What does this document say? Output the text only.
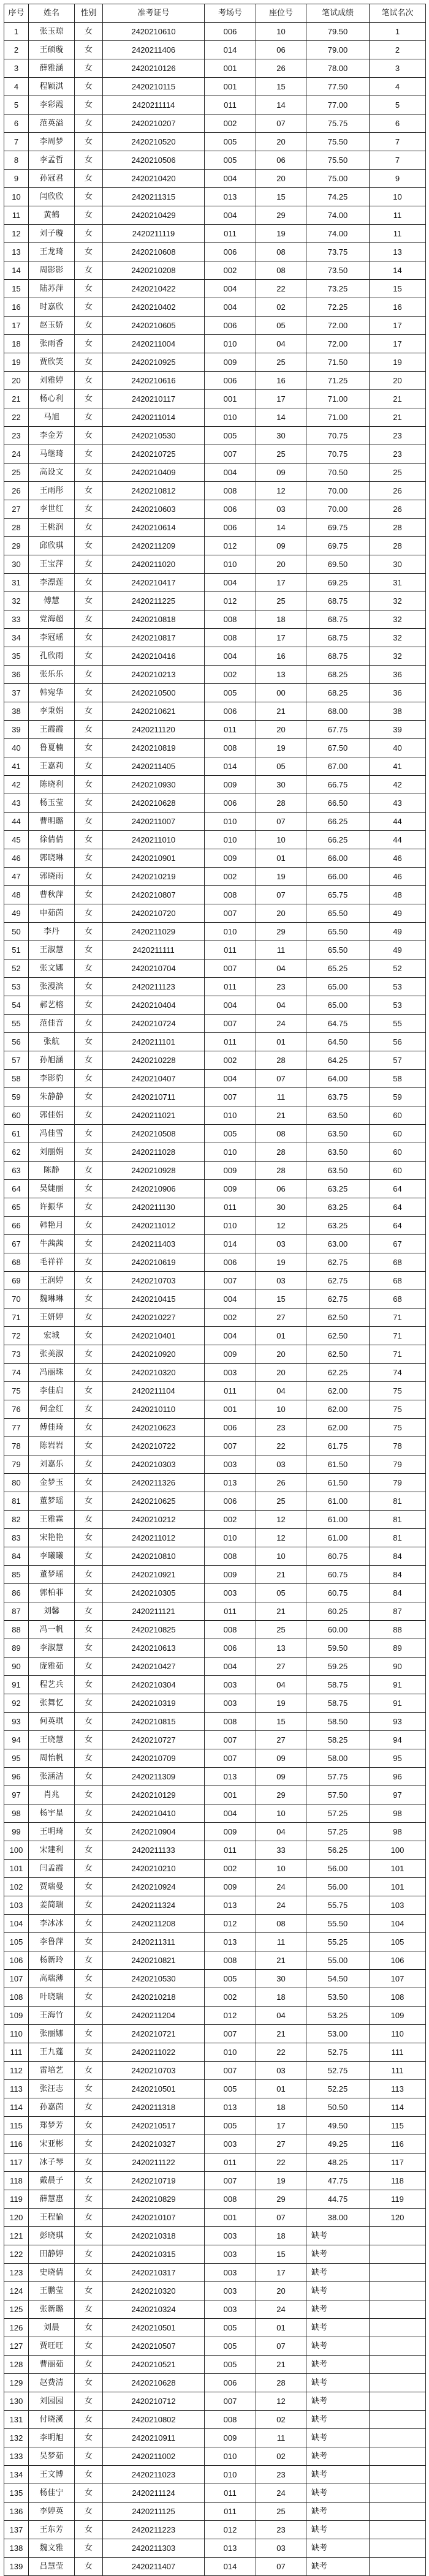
序号	姓名	性别	准考证号	考场号	座位号	笔试成绩	笔试名次
1	张玉琼	女	2420210610	006	10	79.50	1
2	王硕璇	女	2420211406	014	06	79.00	2
3	薛雅涵	女	2420210126	001	26	78.00	3
4	程颖淇	女	2420210115	001	15	77.50	4
5	李彩霞	女	2420211114	011	14	77.00	5
6	范英溢	女	2420210207	002	07	75.75	6
7	李周梦	女	2420210520	005	20	75.50	7
8	李孟哲	女	2420210506	005	06	75.50	7
9	孙冠君	女	2420210420	004	20	75.00	9
10	闫欣欣	女	2420211315	013	15	74.25	10
11	黄鹤	女	2420210429	004	29	74.00	11
12	刘子璇	女	2420211119	011	19	74.00	11
13	王龙琦	女	2420210608	006	08	73.75	13
14	周影影	女	2420210208	002	08	73.50	14
15	陆苏萍	女	2420210422	004	22	73.25	15
16	时嘉欣	女	2420210402	004	02	72.25	16
17	赵玉娇	女	2420210605	006	05	72.00	17
18	张雨香	女	2420211004	010	04	72.00	17
19	贾欣笑	女	2420210925	009	25	71.50	19
20	刘雅婷	女	2420210616	006	16	71.25	20
21	杨心利	女	2420210117	001	17	71.00	21
22	马旭	女	2420211014	010	14	71.00	21
23	李金芳	女	2420210530	005	30	70.75	23
24	马继琦	女	2420210725	007	25	70.75	23
25	高设文	女	2420210409	004	09	70.50	25
26	王雨彤	女	2420210812	008	12	70.00	26
27	李世红	女	2420210603	006	03	70.00	26
28	王桃润	女	2420210614	006	14	69.75	28
29	邱欣琪	女	2420211209	012	09	69.75	28
30	王宝萍	女	2420211020	010	20	69.50	30
31	李漂莲	女	2420210417	004	17	69.25	31
32	傅慧	女	2420211225	012	25	68.75	32
33	党海超	女	2420210818	008	18	68.75	32
34	李冠瑶	女	2420210817	008	17	68.75	32
35	孔欣雨	女	2420210416	004	16	68.75	32
36	张乐乐	女	2420210213	002	13	68.25	36
37	韩宛华	女	2420210500	005	00	68.25	36
38	李秉娟	女	2420210621	006	21	68.00	38
39	王霞霞	女	2420211120	011	20	67.75	39
40	鲁夏楠	女	2420210819	008	19	67.50	40
41	王嘉莉	女	2420211405	014	05	67.00	41
42	陈晓利	女	2420210930	009	30	66.75	42
43	杨玉莹	女	2420210628	006	28	66.50	43
44	曹明璐	女	2420211007	010	07	66.25	44
45	徐倩倩	女	2420211010	010	10	66.25	44
46	郭晓琳	女	2420210901	009	01	66.00	46
47	郭晓雨	女	2420210219	002	19	66.00	46
48	曹秋萍	女	2420210807	008	07	65.75	48
49	申茹茵	女	2420210720	007	20	65.50	49
50	李丹	女	2420211029	010	29	65.50	49
51	王淑慧	女	2420211111	011	11	65.50	49
52	张文娜	女	2420210704	007	04	65.25	52
53	张漫滨	女	2420211123	011	23	65.00	53
54	郝艺榕	女	2420210404	004	04	65.00	53
55	范佳音	女	2420210724	007	24	64.75	55
56	张航	女	2420211101	011	01	64.50	56
57	孙旭涵	女	2420210228	002	28	64.25	57
58	李影豹	女	2420210407	004	07	64.00	58
59	朱静静	女	2420210711	007	11	63.75	59
60	郭佳娟	女	2420211021	010	21	63.50	60
61	冯佳雪	女	2420210508	005	08	63.50	60
62	刘丽娟	女	2420211028	010	28	63.50	60
63	陈静	女	2420210928	009	28	63.50	60
64	吴婕丽	女	2420210906	009	06	63.25	64
65	许振华	女	2420211130	011	30	63.25	64
66	韩艳月	女	2420211012	010	12	63.25	64
67	牛茜茜	女	2420211403	014	03	63.00	67
68	毛祥祥	女	2420210619	006	19	62.75	68
69	王润婷	女	2420210703	007	03	62.75	68
70	魏琳琳	女	2420210415	004	15	62.75	68
71	王妍婷	女	2420210227	002	27	62.50	71
72	宏城	女	2420210401	004	01	62.50	71
73	张美淑	女	2420210920	009	20	62.50	71
74	冯丽珠	女	2420210320	003	20	62.25	74
75	李佳启	女	2420211104	011	04	62.00	75
76	何金红	女	2420210110	001	10	62.00	75
77	傅佳琦	女	2420210623	006	23	62.00	75
78	陈岩岩	女	2420210722	007	22	61.75	78
79	刘嘉乐	女	2420210303	003	03	61.50	79
80	金梦玉	女	2420211326	013	26	61.50	79
81	董梦瑶	女	2420210625	006	25	61.00	81
82	王雅霖	女	2420210212	002	12	61.00	81
83	宋艳艳	女	2420211012	010	12	61.00	81
84	李曦曦	女	2420210810	008	10	60.75	84
85	董梦瑶	女	2420210921	009	21	60.75	84
86	郭柏菲	女	2420210305	003	05	60.75	84
87	刘馨	女	2420211121	011	21	60.25	87
88	冯一帆	女	2420210825	008	25	60.00	88
89	李淑慧	女	2420210613	006	13	59.50	89
90	庞雅茹	女	2420210427	004	27	59.25	90
91	程艺兵	女	2420210304	003	04	58.75	91
92	张舞忆	女	2420210319	003	19	58.75	91
93	何英琪	女	2420210815	008	15	58.50	93
94	王晓慧	女	2420210727	007	27	58.25	94
95	周怡帆	女	2420210709	007	09	58.00	95
96	张涵洁	女	2420211309	013	09	57.75	96
97	肖兆	女	2420210129	001	29	57.50	97
98	杨宇星	女	2420210410	004	10	57.25	98
99	王明琦	女	2420210904	009	04	57.25	98
100	宋建利	女	2420211133	011	33	56.25	100
101	闫孟霞	女	2420210210	002	10	56.00	101
102	贾瑞曼	女	2420210924	009	24	56.00	101
103	姜简瑞	女	2420211324	013	24	55.75	103
104	李冰冰	女	2420211208	012	08	55.50	104
105	李鲁萍	女	2420211311	013	11	55.25	105
106	杨新玲	女	2420210821	008	21	55.00	106
107	高瑞薄	女	2420210530	005	30	54.50	107
108	叶晓瑞	女	2420210218	002	18	53.50	108
109	王海竹	女	2420211204	012	04	53.25	109
110	张丽娜	女	2420210721	007	21	53.00	110
111	王九蓬	女	2420211022	010	22	52.75	111
112	雷培艺	女	2420210703	007	03	52.75	111
113	张汪志	女	2420210501	005	01	52.25	113
114	孙嘉茵	女	2420211318	013	18	50.50	114
115	郑梦芳	女	2420210517	005	17	49.50	115
116	宋亚彬	女	2420210327	003	27	49.25	116
117	冰子琴	女	2420211122	011	22	48.25	117
118	戴晨子	女	2420210719	007	19	47.75	118
119	薛慧惠	女	2420210829	008	29	44.75	119
120	王程愉	女	2420210107	001	07	38.00	120
121	彭晓琪	女	2420210318	003	18	缺考	
122	田静婷	女	2420210315	003	15	缺考	
123	史晓倩	女	2420210317	003	17	缺考	
124	王鹏莹	女	2420210320	003	20	缺考	
125	张新璐	女	2420210324	003	24	缺考	
126	刘晨	女	2420210501	005	01	缺考	
127	贾旺旺	女	2420210507	005	07	缺考	
128	曹丽茹	女	2420210521	005	21	缺考	
129	赵费清	女	2420210628	006	28	缺考	
130	刘园园	女	2420210712	007	12	缺考	
131	付晓溪	女	2420210802	008	02	缺考	
132	李明旭	女	2420210911	009	11	缺考	
133	吴梦茹	女	2420211002	010	02	缺考	
134	王文博	女	2420211023	010	23	缺考	
135	杨佳宁	女	2420211124	011	24	缺考	
136	李婷英	女	2420211125	011	25	缺考	
137	王东芳	女	2420211223	012	23	缺考	
138	魏文雅	女	2420211303	013	03	缺考	
139	吕慧莹	女	2420211407	014	07	缺考	
